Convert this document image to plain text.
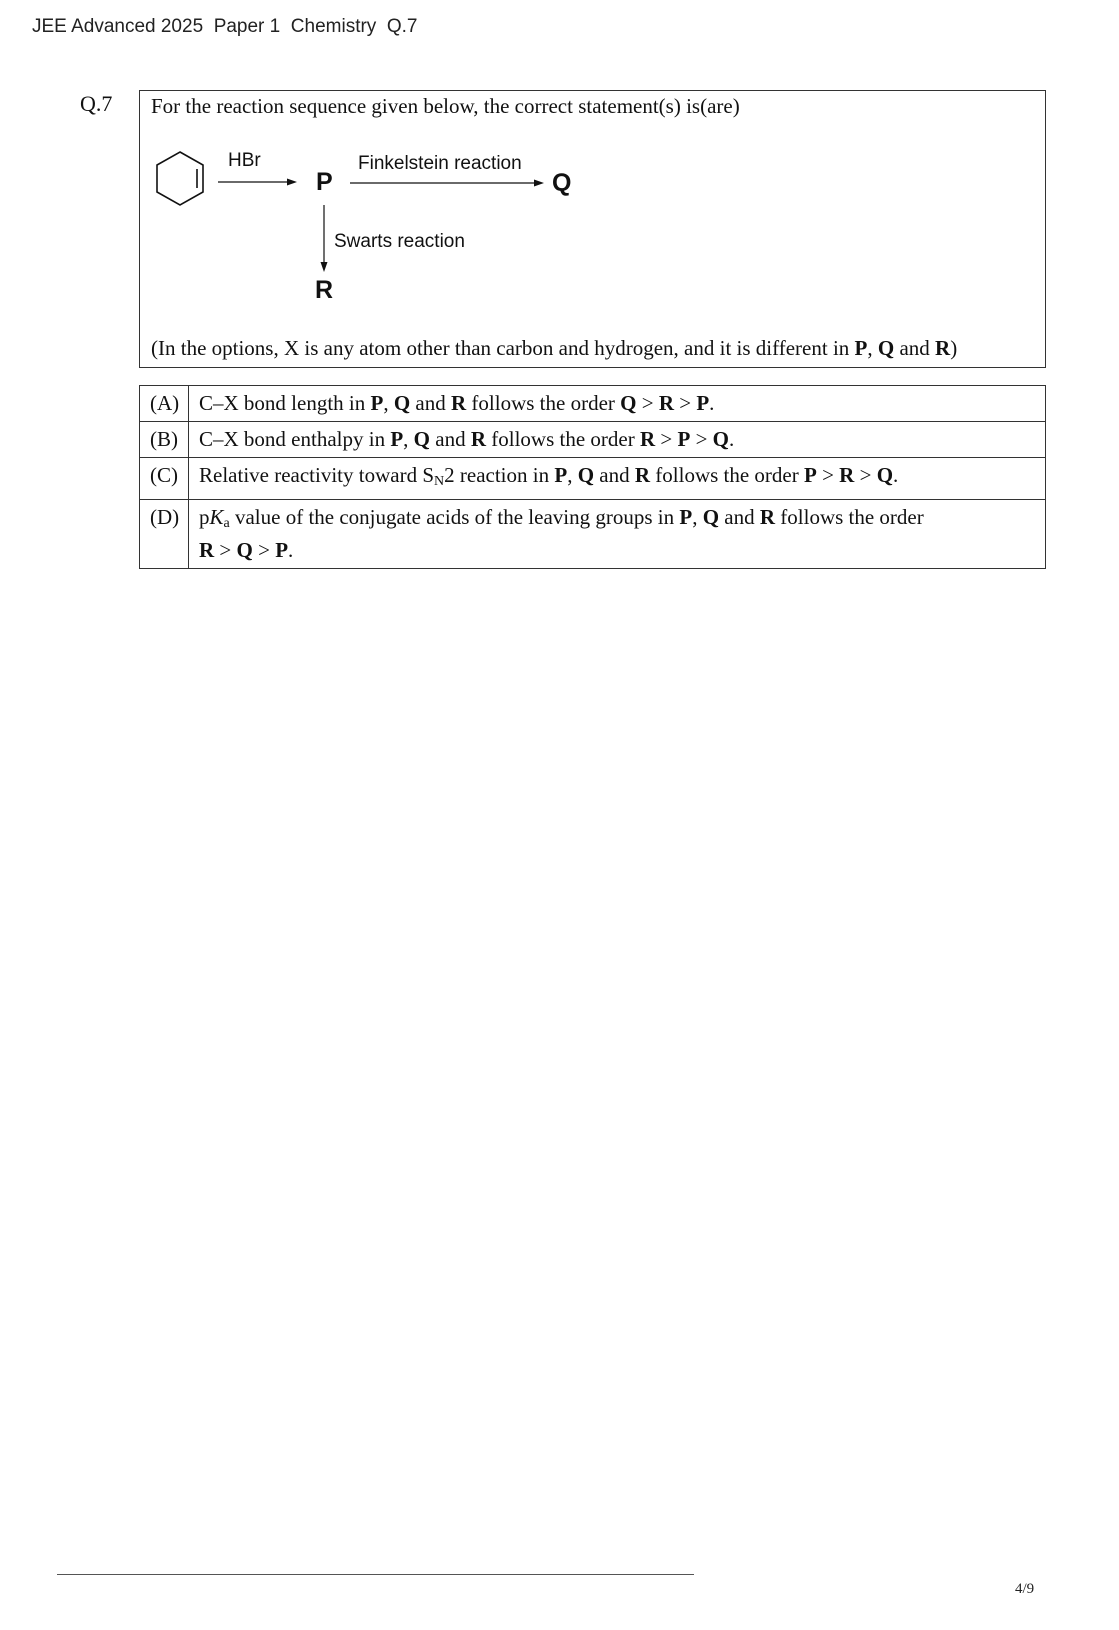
JEE Advanced 2025  Paper 1  Chemistry  Q.7
Q.7 For the reaction sequence given below, the correct statement(s) is(are)
HBr
P
Finkelstein reaction
Q
Swarts reaction
R
(In the options, X is any atom other than carbon and hydrogen, and it is different in P, Q and R)
(A)	C–X bond length in P, Q and R follows the order Q > R > P.
(B)	C–X bond enthalpy in P, Q and R follows the order R > P > Q.
(C)	Relative reactivity toward $S_N2$ reaction in P, Q and R follows the order P > R > Q.
(D)	$pK_a$ value of the conjugate acids of the leaving groups in P, Q and R follows the order
R > Q > P.
4/9
